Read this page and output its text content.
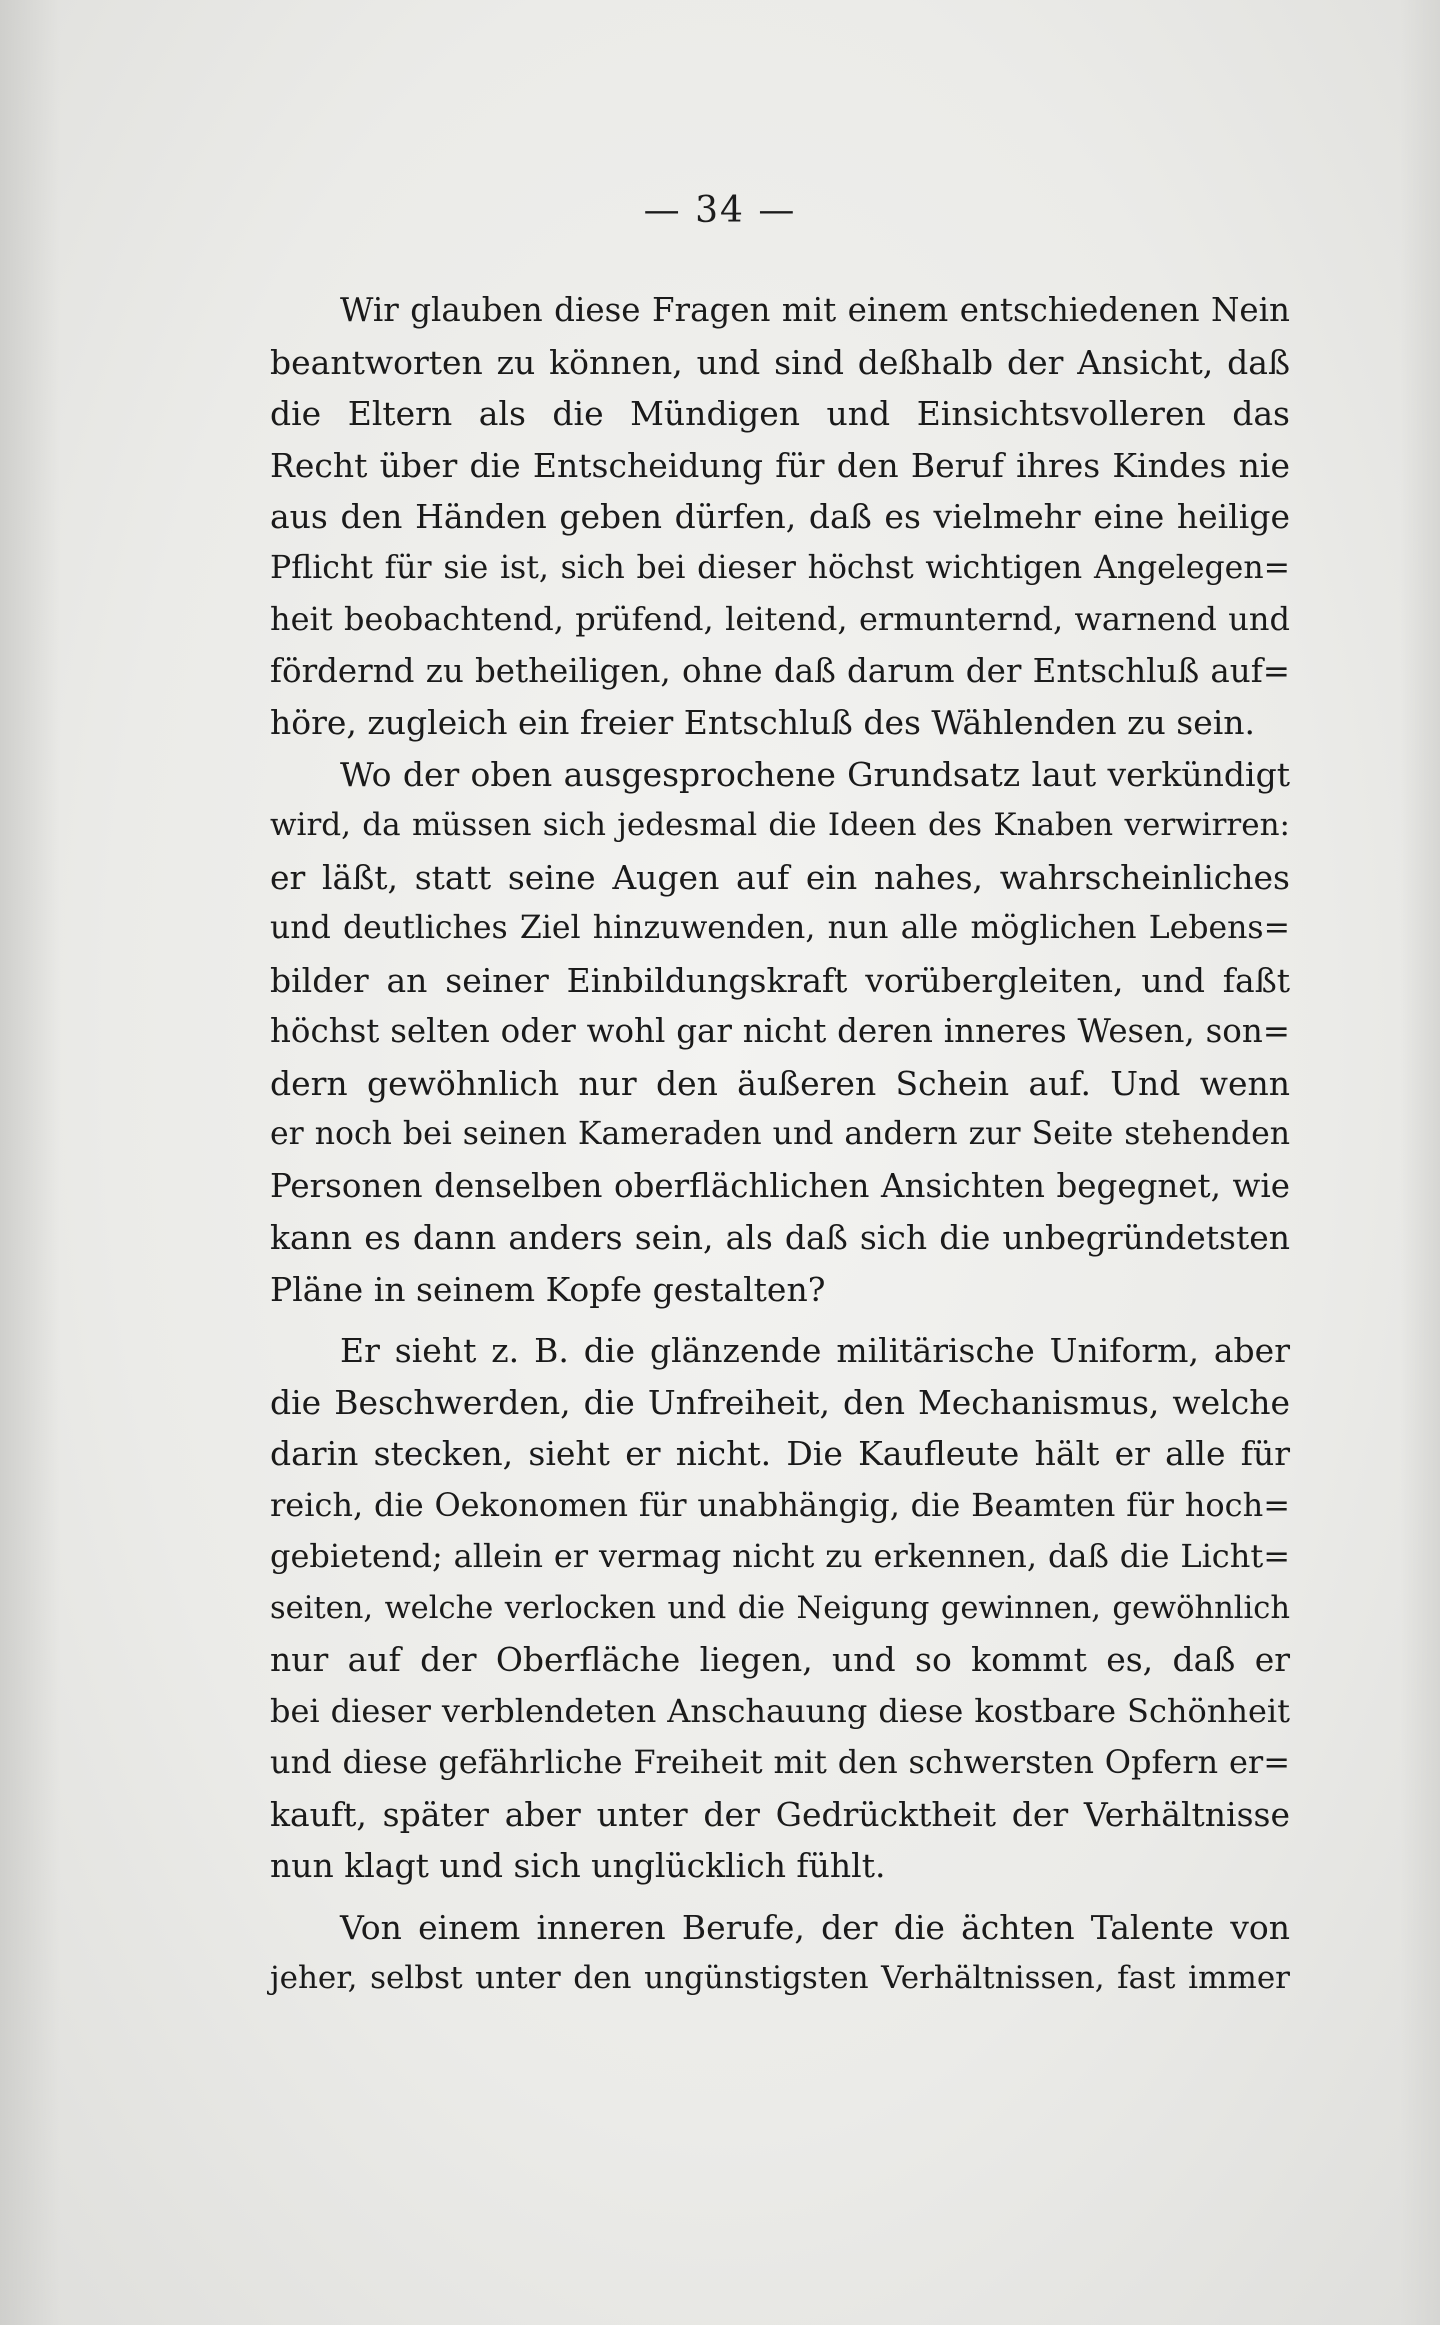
— 34 —
Wir glauben diese Fragen mit einem entschiedenen Nein
beantworten zu können, und sind deßhalb der Ansicht, daß
die Eltern als die Mündigen und Einsichtsvolleren das
Recht über die Entscheidung für den Beruf ihres Kindes nie
aus den Händen geben dürfen, daß es vielmehr eine heilige
Pflicht für sie ist, sich bei dieser höchst wichtigen Angelegen=
heit beobachtend, prüfend, leitend, ermunternd, warnend und
fördernd zu betheiligen, ohne daß darum der Entschluß auf=
höre, zugleich ein freier Entschluß des Wählenden zu sein.
Wo der oben ausgesprochene Grundsatz laut verkündigt
wird, da müssen sich jedesmal die Ideen des Knaben verwirren:
er läßt, statt seine Augen auf ein nahes, wahrscheinliches
und deutliches Ziel hinzuwenden, nun alle möglichen Lebens=
bilder an seiner Einbildungskraft vorübergleiten, und faßt
höchst selten oder wohl gar nicht deren inneres Wesen, son=
dern gewöhnlich nur den äußeren Schein auf. Und wenn
er noch bei seinen Kameraden und andern zur Seite stehenden
Personen denselben oberflächlichen Ansichten begegnet, wie
kann es dann anders sein, als daß sich die unbegründetsten
Pläne in seinem Kopfe gestalten?
Er sieht z. B. die glänzende militärische Uniform, aber
die Beschwerden, die Unfreiheit, den Mechanismus, welche
darin stecken, sieht er nicht. Die Kaufleute hält er alle für
reich, die Oekonomen für unabhängig, die Beamten für hoch=
gebietend; allein er vermag nicht zu erkennen, daß die Licht=
seiten, welche verlocken und die Neigung gewinnen, gewöhnlich
nur auf der Oberfläche liegen, und so kommt es, daß er
bei dieser verblendeten Anschauung diese kostbare Schönheit
und diese gefährliche Freiheit mit den schwersten Opfern er=
kauft, später aber unter der Gedrücktheit der Verhältnisse
nun klagt und sich unglücklich fühlt.
Von einem inneren Berufe, der die ächten Talente von
jeher, selbst unter den ungünstigsten Verhältnissen, fast immer
